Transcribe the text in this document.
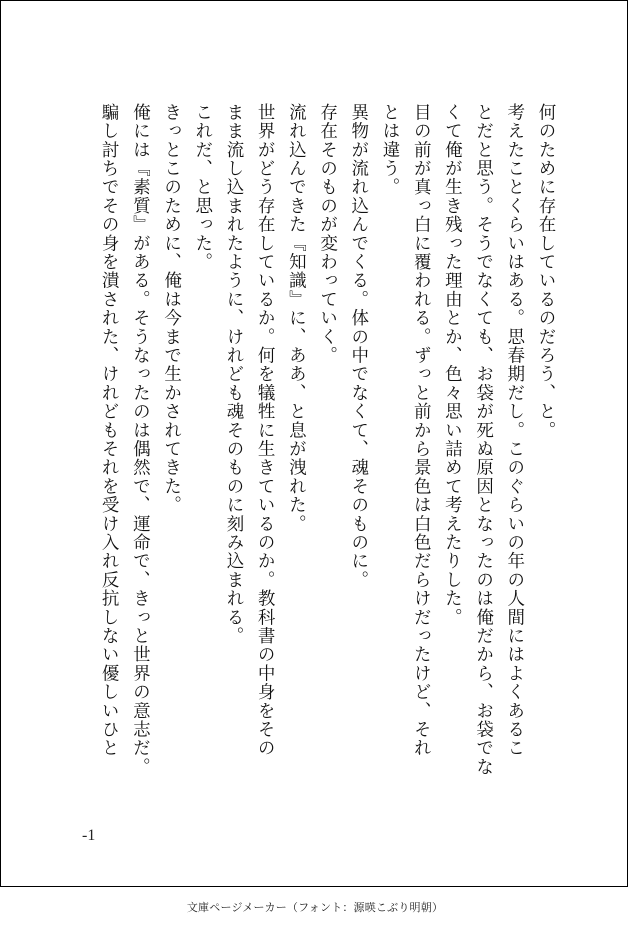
何のために存在しているのだろう、と。
考えたことくらいはある。思春期だし。このぐらいの年の人間にはよくあるこ
とだと思う。そうでなくても、お袋が死ぬ原因となったのは俺だから、お袋でな
くて俺が生き残った理由とか、色々思い詰めて考えたりした。
目の前が真っ白に覆われる。ずっと前から景色は白色だらけだったけど、それ
とは違う。
異物が流れ込んでくる。体の中でなくて、魂そのものに。
存在そのものが変わっていく。
流れ込んできた『知識』に、ああ、と息が洩れた。
世界がどう存在しているか。何を犠牲に生きているのか。教科書の中身をその
まま流し込まれたように、けれども魂そのものに刻み込まれる。
これだ、と思った。
きっとこのために、俺は今まで生かされてきた。
俺には『素質』がある。そうなったのは偶然で、運命で、きっと世界の意志だ。
騙し討ちでその身を潰された、けれどもそれを受け入れ反抗しない優しいひと
-1
文庫ページメーカー（フォント：源暎こぶり明朝）
